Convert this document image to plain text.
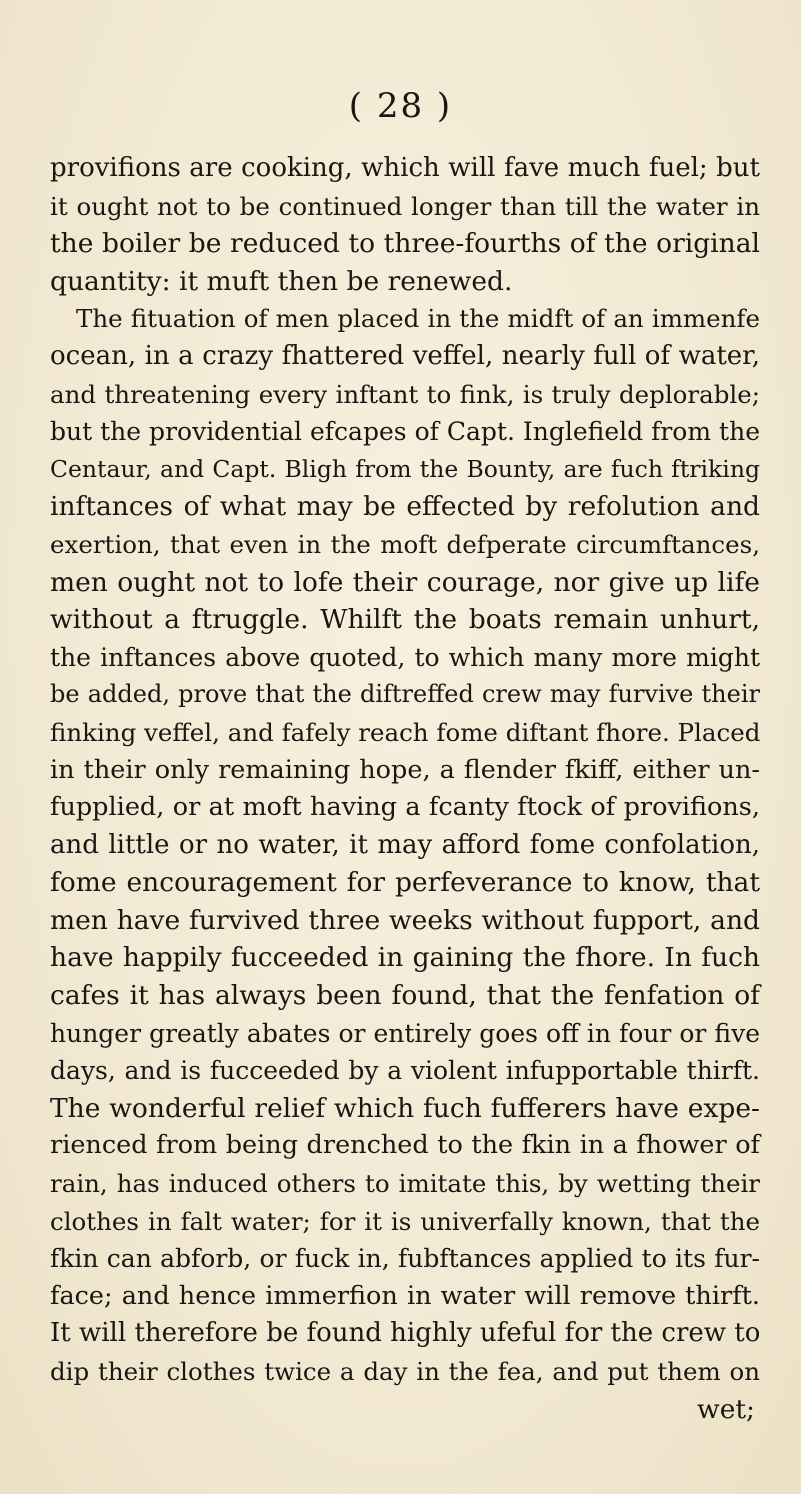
( 28 )
provifions are cooking, which will fave much fuel; but
it ought not to be continued longer than till the water in
the boiler be reduced to three-fourths of the original
quantity: it muft then be renewed.
The fituation of men placed in the midft of an immenfe
ocean, in a crazy fhattered veffel, nearly full of water,
and threatening every inftant to fink, is truly deplorable;
but the providential efcapes of Capt. Inglefield from the
Centaur, and Capt. Bligh from the Bounty, are fuch ftriking
inftances of what may be effected by refolution and
exertion, that even in the moft defperate circumftances,
men ought not to lofe their courage, nor give up life
without a ftruggle. Whilft the boats remain unhurt,
the inftances above quoted, to which many more might
be added, prove that the diftreffed crew may furvive their
finking veffel, and fafely reach fome diftant fhore. Placed
in their only remaining hope, a flender fkiff, either un-
fupplied, or at moft having a fcanty ftock of provifions,
and little or no water, it may afford fome confolation,
fome encouragement for perfeverance to know, that
men have furvived three weeks without fupport, and
have happily fucceeded in gaining the fhore. In fuch
cafes it has always been found, that the fenfation of
hunger greatly abates or entirely goes off in four or five
days, and is fucceeded by a violent infupportable thirft.
The wonderful relief which fuch fufferers have expe-
rienced from being drenched to the fkin in a fhower of
rain, has induced others to imitate this, by wetting their
clothes in falt water; for it is univerfally known, that the
fkin can abforb, or fuck in, fubftances applied to its fur-
face; and hence immerfion in water will remove thirft.
It will therefore be found highly ufeful for the crew to
dip their clothes twice a day in the fea, and put them on
wet;
